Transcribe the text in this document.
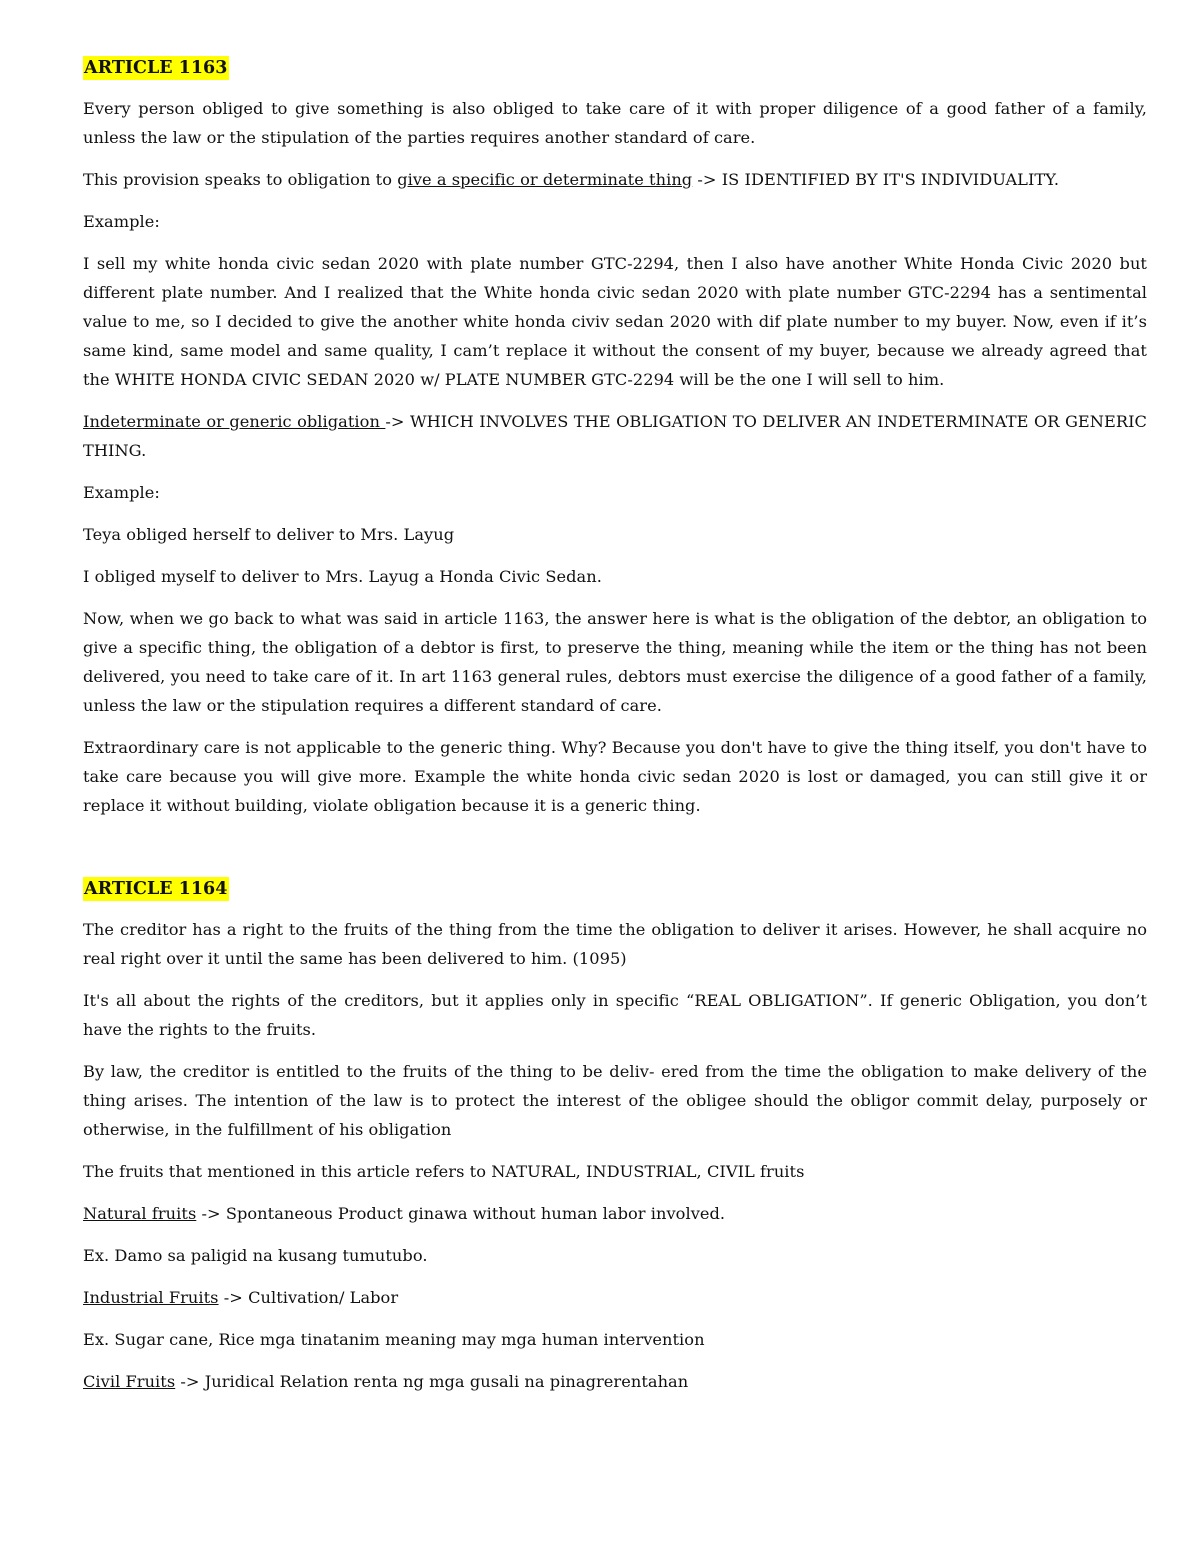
ARTICLE 1163

Every person obliged to give something is also obliged to take care of it with proper diligence of a good father of a family, unless the law or the stipulation of the parties requires another standard of care.

This provision speaks to obligation to give a specific or determinate thing -> IS IDENTIFIED BY IT'S INDIVIDUALITY.

Example:

I sell my white honda civic sedan 2020 with plate number GTC-2294, then I also have another White Honda Civic 2020 but different plate number. And I realized that the White honda civic sedan 2020 with plate number GTC-2294 has a sentimental value to me, so I decided to give the another white honda civiv sedan 2020 with dif plate number to my buyer. Now, even if it’s same kind, same model and same quality, I cam’t replace it without the consent of my buyer, because we already agreed that the WHITE HONDA CIVIC SEDAN 2020 w/ PLATE NUMBER GTC-2294 will be the one I will sell to him.

Indeterminate or generic obligation -> WHICH INVOLVES THE OBLIGATION TO DELIVER AN INDETERMINATE OR GENERIC THING.

Example:

Teya obliged herself to deliver to Mrs. Layug

I obliged myself to deliver to Mrs. Layug a Honda Civic Sedan.

Now, when we go back to what was said in article 1163, the answer here is what is the obligation of the debtor, an obligation to give a specific thing, the obligation of a debtor is first, to preserve the thing, meaning while the item or the thing has not been delivered, you need to take care of it. In art 1163 general rules, debtors must exercise the diligence of a good father of a family, unless the law or the stipulation requires a different standard of care.

Extraordinary care is not applicable to the generic thing. Why? Because you don't have to give the thing itself, you don't have to take care because you will give more. Example the white honda civic sedan 2020 is lost or damaged, you can still give it or replace it without building, violate obligation because it is a generic thing.

ARTICLE 1164

The creditor has a right to the fruits of the thing from the time the obligation to deliver it arises. However, he shall acquire no real right over it until the same has been delivered to him. (1095)

It's all about the rights of the creditors, but it applies only in specific “REAL OBLIGATION”. If generic Obligation, you don’t have the rights to the fruits.

By law, the creditor is entitled to the fruits of the thing to be deliv- ered from the time the obligation to make delivery of the thing arises. The intention of the law is to protect the interest of the obligee should the obligor commit delay, purposely or otherwise, in the fulfillment of his obligation

The fruits that mentioned in this article refers to NATURAL, INDUSTRIAL, CIVIL fruits

Natural fruits -> Spontaneous Product ginawa without human labor involved.

Ex. Damo sa paligid na kusang tumutubo.

Industrial Fruits -> Cultivation/ Labor

Ex. Sugar cane, Rice mga tinatanim meaning may mga human intervention

Civil Fruits -> Juridical Relation renta ng mga gusali na pinagrerentahan
